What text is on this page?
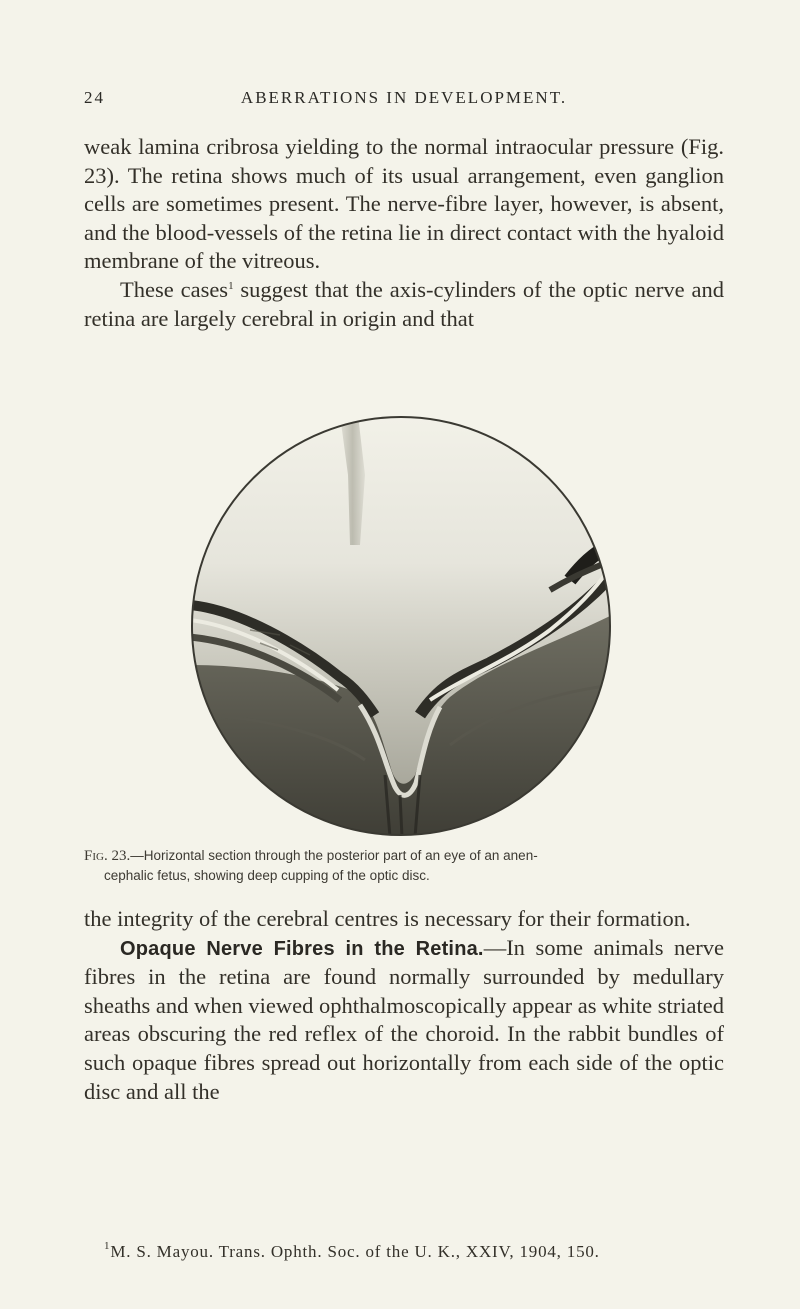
24	ABERRATIONS IN DEVELOPMENT.

weak lamina cribrosa yielding to the normal intraocular pressure (Fig. 23). The retina shows much of its usual arrangement, even ganglion cells are sometimes present. The nerve-fibre layer, however, is absent, and the blood-vessels of the retina lie in direct contact with the hyaloid membrane of the vitreous.

These cases$^1$ suggest that the axis-cylinders of the optic nerve and retina are largely cerebral in origin and that

Fig. 23.—Horizontal section through the posterior part of an eye of an anen-
cephalic fetus, showing deep cupping of the optic disc.

the integrity of the cerebral centres is necessary for their formation.

Opaque Nerve Fibres in the Retina.—In some animals nerve fibres in the retina are found normally surrounded by medullary sheaths and when viewed ophthalmoscopically appear as white striated areas obscuring the red reflex of the choroid. In the rabbit bundles of such opaque fibres spread out horizontally from each side of the optic disc and all the

$^1$M. S. Mayou. Trans. Ophth. Soc. of the U. K., XXIV, 1904, 150.
